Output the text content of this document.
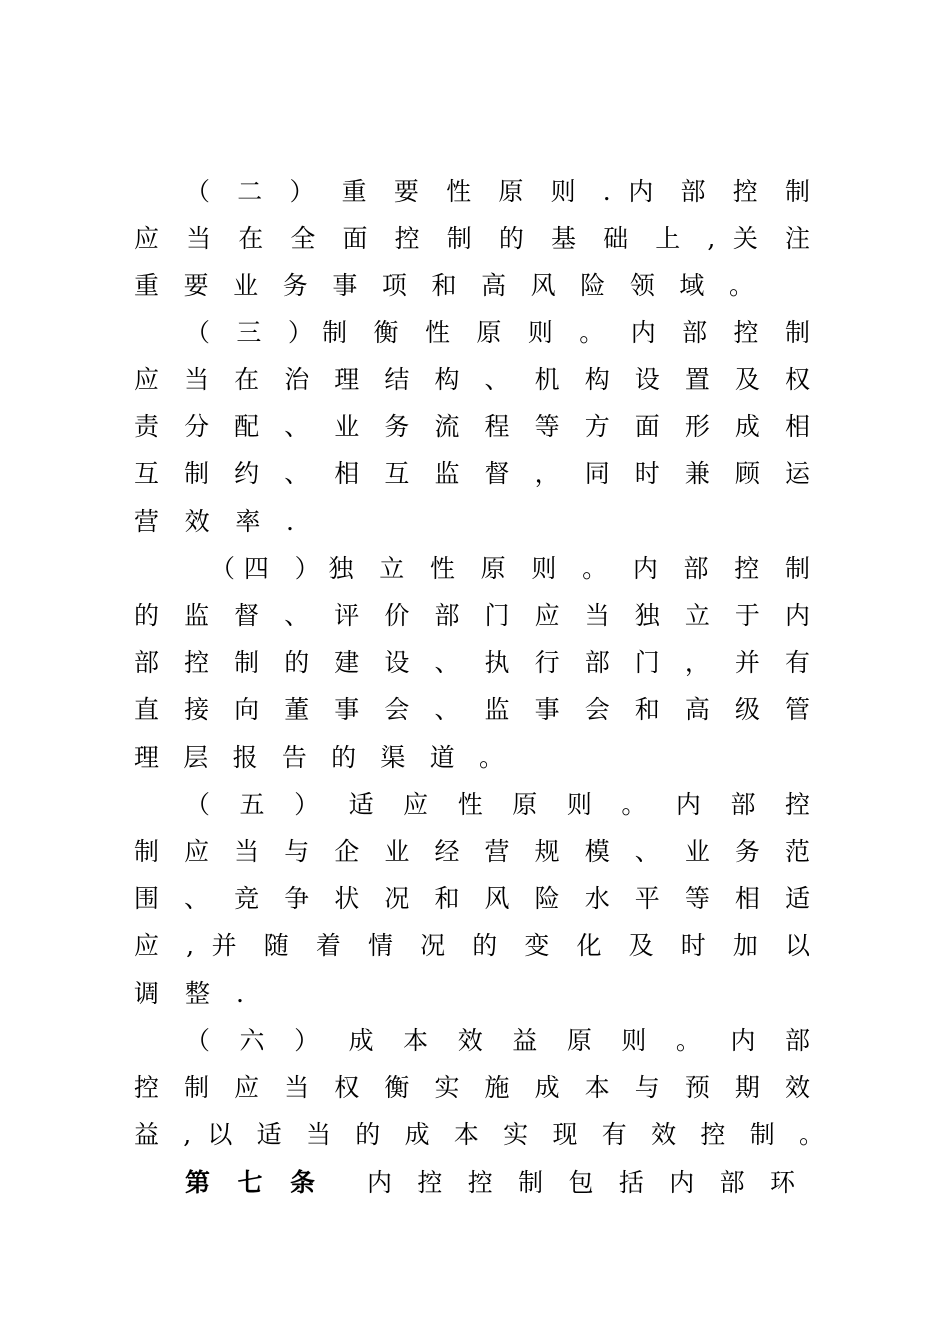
（ 二 ） 重 要 性 原 则 . 内 部 控 制
应 当 在 全 面 控 制 的 基 础 上 , 关 注
重 要 业 务 事 项 和 高 风 险 领 域 。
（ 三 ）制 衡 性 原 则 。 内 部 控 制
应 当 在 治 理 结 构 、 机 构 设 置 及 权
责 分 配 、 业 务 流 程 等 方 面 形 成 相
互 制 约 、 相 互 监 督 ， 同 时 兼 顾 运
营 效 率 .
（四 ）独 立 性 原 则 。 内 部 控 制
的 监 督 、 评 价 部 门 应 当 独 立 于 内
部 控 制 的 建 设 、 执 行 部 门 ， 并 有
直 接 向 董 事 会 、 监 事 会 和 高 级 管
理 层 报 告 的 渠 道 。
（ 五 ） 适 应 性 原 则 。 内 部 控
制 应 当 与 企 业 经 营 规 模 、 业 务 范
围 、 竞 争 状 况 和 风 险 水 平 等 相 适
应 , 并 随 着 情 况 的 变 化 及 时 加 以
调 整 .
（ 六 ） 成 本 效 益 原 则 。 内 部
控 制 应 当 权 衡 实 施 成 本 与 预 期 效
益 , 以 适 当 的 成 本 实 现 有 效 控 制 。
第 七 条 内 控 控 制 包 括 内 部 环
